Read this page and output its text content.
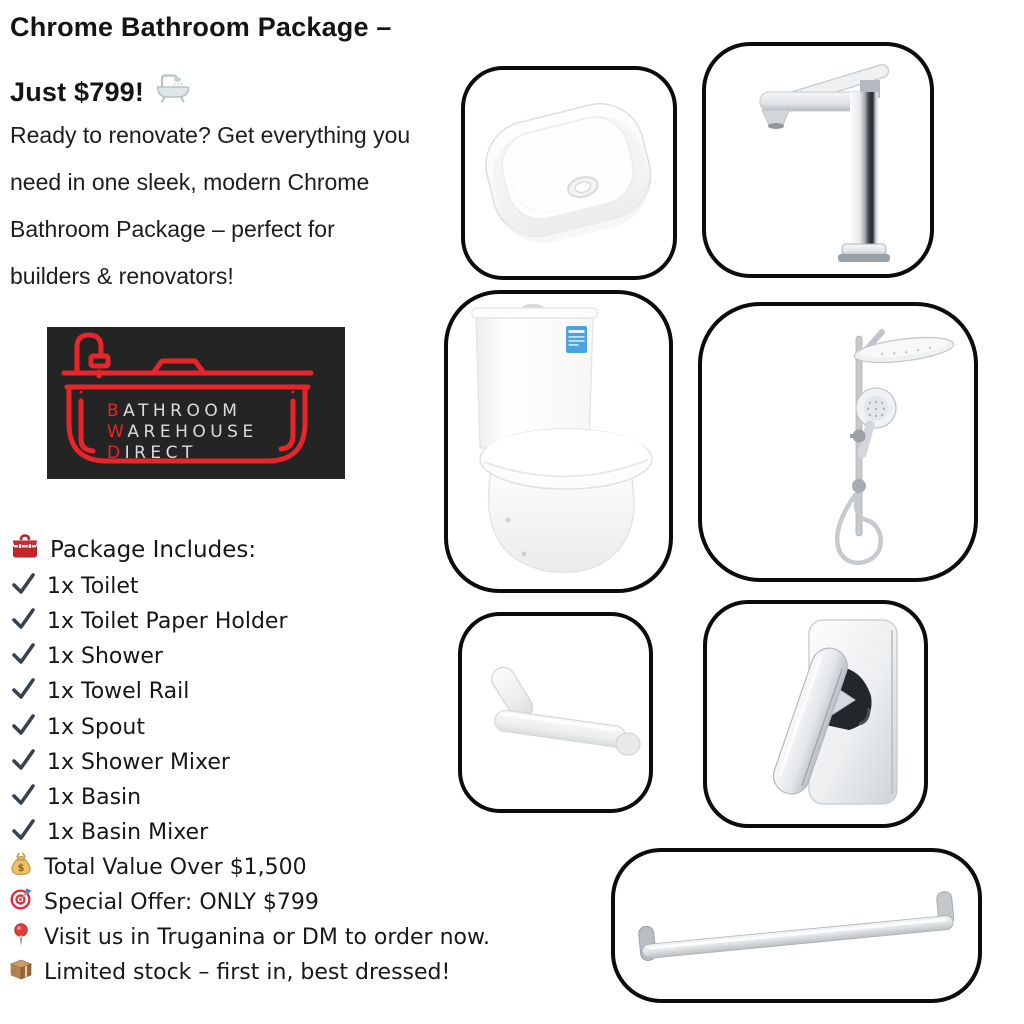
Chrome Bathroom Package –
Just $799!
Ready to renovate? Get everything you
need in one sleek, modern Chrome
Bathroom Package – perfect for
builders & renovators!
BATHROOM
WAREHOUSE
DIRECT
Package Includes:
1x Toilet
1x Toilet Paper Holder
1x Shower
1x Towel Rail
1x Spout
1x Shower Mixer
1x Basin
1x Basin Mixer
$ Total Value Over $1,500
Special Offer: ONLY $799
Visit us in Truganina or DM to order now.
Limited stock – first in, best dressed!
